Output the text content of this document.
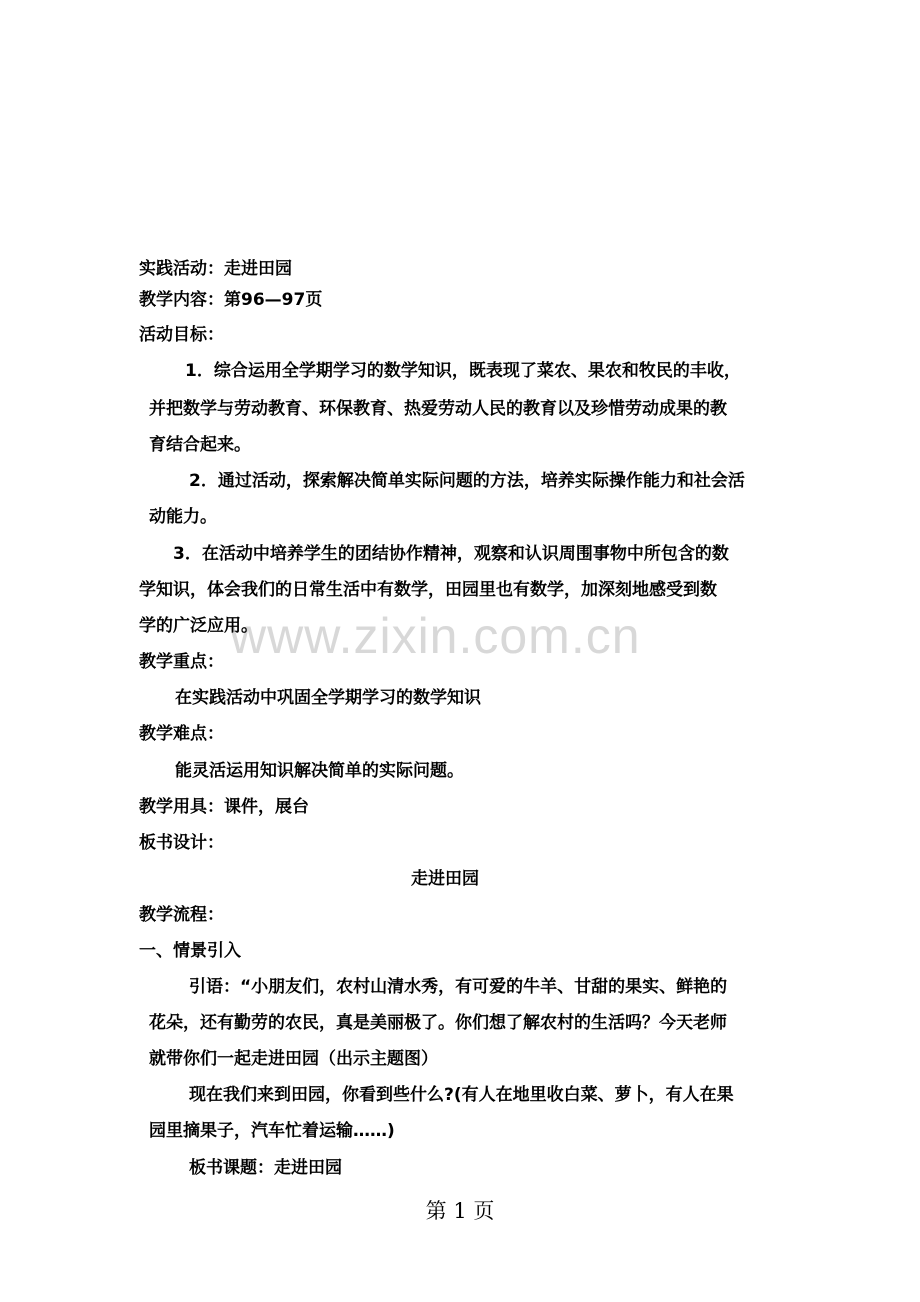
www.zixin.com.cn
实践活动：走进田园
教学内容：第96—97页
活动目标：
1．综合运用全学期学习的数学知识，既表现了菜农、果农和牧民的丰收，
并把数学与劳动教育、环保教育、热爱劳动人民的教育以及珍惜劳动成果的教
育结合起来。
2．通过活动，探索解决简单实际问题的方法，培养实际操作能力和社会活
动能力。
3．在活动中培养学生的团结协作精神，观察和认识周围事物中所包含的数
学知识，体会我们的日常生活中有数学，田园里也有数学，加深刻地感受到数
学的广泛应用。
教学重点：
在实践活动中巩固全学期学习的数学知识
教学难点：
能灵活运用知识解决简单的实际问题。
教学用具：课件，展台
板书设计：
走进田园
教学流程：
一、情景引入
引语：“小朋友们，农村山清水秀，有可爱的牛羊、甘甜的果实、鲜艳的
花朵，还有勤劳的农民，真是美丽极了。你们想了解农村的生活吗？今天老师
就带你们一起走进田园（出示主题图）
现在我们来到田园，你看到些什么?(有人在地里收白菜、萝卜，有人在果
园里摘果子，汽车忙着运输……)
板书课题：走进田园
第 1 页
